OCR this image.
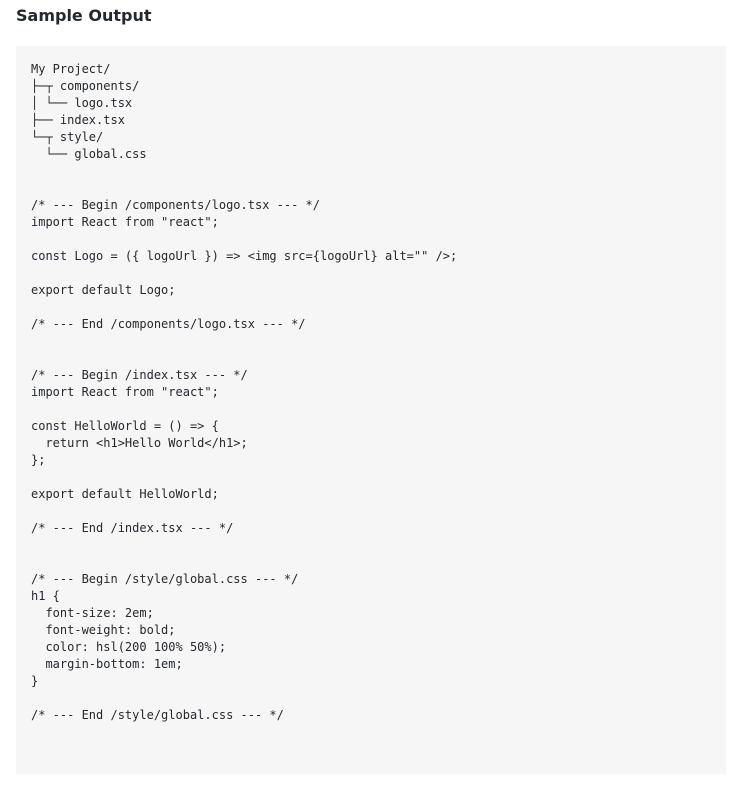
Sample Output
My Project/
├─┬ components/
│ └── logo.tsx
├── index.tsx
└─┬ style/
└── global.css
/* --- Begin /components/logo.tsx --- */
import React from "react";
const Logo = ({ logoUrl }) => <img src={logoUrl} alt="" />;
export default Logo;
/* --- End /components/logo.tsx --- */
/* --- Begin /index.tsx --- */
import React from "react";
const HelloWorld = () => {
return <h1>Hello World</h1>;
};
export default HelloWorld;
/* --- End /index.tsx --- */
/* --- Begin /style/global.css --- */
h1 {
font-size: 2em;
font-weight: bold;
color: hsl(200 100% 50%);
margin-bottom: 1em;
}
/* --- End /style/global.css --- */
